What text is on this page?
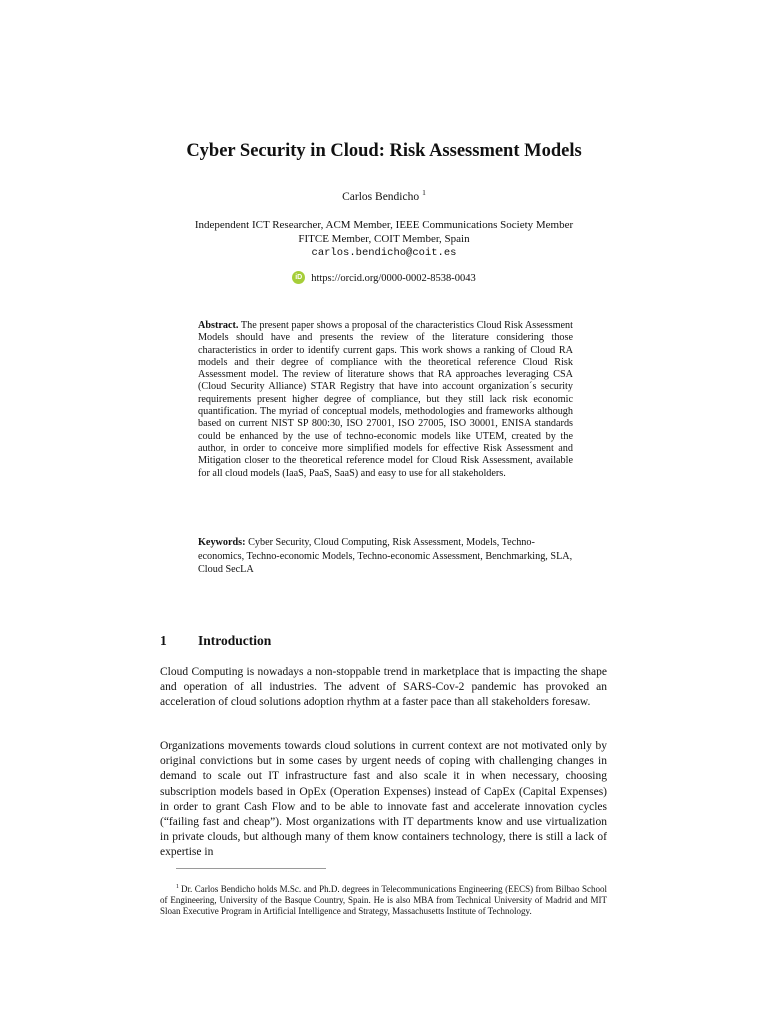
Cyber Security in Cloud: Risk Assessment Models
Carlos Bendicho $^1$
Independent ICT Researcher, ACM Member, IEEE Communications Society Member
FITCE Member, COIT Member, Spain
carlos.bendicho@coit.es
iD https://orcid.org/0000-0002-8538-0043
Abstract. The present paper shows a proposal of the characteristics Cloud Risk Assessment Models should have and presents the review of the literature considering those characteristics in order to identify current gaps. This work shows a ranking of Cloud RA models and their degree of compliance with the theoretical reference Cloud Risk Assessment model. The review of literature shows that RA approaches leveraging CSA (Cloud Security Alliance) STAR Registry that have into account organization´s security requirements present higher degree of compliance, but they still lack risk economic quantification. The myriad of conceptual models, methodologies and frameworks although based on current NIST SP 800:30, ISO 27001, ISO 27005, ISO 30001, ENISA standards could be enhanced by the use of techno-economic models like UTEM, created by the author, in order to conceive more simplified models for effective Risk Assessment and Mitigation closer to the theoretical reference model for Cloud Risk Assessment, available for all cloud models (IaaS, PaaS, SaaS) and easy to use for all stakeholders.
Keywords: Cyber Security, Cloud Computing, Risk Assessment, Models, Techno-economics, Techno-economic Models, Techno-economic Assessment, Benchmarking, SLA, Cloud SecLA
1 Introduction
Cloud Computing is nowadays a non-stoppable trend in marketplace that is impacting the shape and operation of all industries. The advent of SARS-Cov-2 pandemic has provoked an acceleration of cloud solutions adoption rhythm at a faster pace than all stakeholders foresaw.
Organizations movements towards cloud solutions in current context are not motivated only by original convictions but in some cases by urgent needs of coping with challenging changes in demand to scale out IT infrastructure fast and also scale it in when necessary, choosing subscription models based in OpEx (Operation Expenses) instead of CapEx (Capital Expenses) in order to grant Cash Flow and to be able to innovate fast and accelerate innovation cycles (“failing fast and cheap”). Most organizations with IT departments know and use virtualization in private clouds, but although many of them know containers technology, there is still a lack of expertise in
$^1$ Dr. Carlos Bendicho holds M.Sc. and Ph.D. degrees in Telecommunications Engineering (EECS) from Bilbao School of Engineering, University of the Basque Country, Spain. He is also MBA from Technical University of Madrid and MIT Sloan Executive Program in Artificial Intelligence and Strategy, Massachusetts Institute of Technology.
